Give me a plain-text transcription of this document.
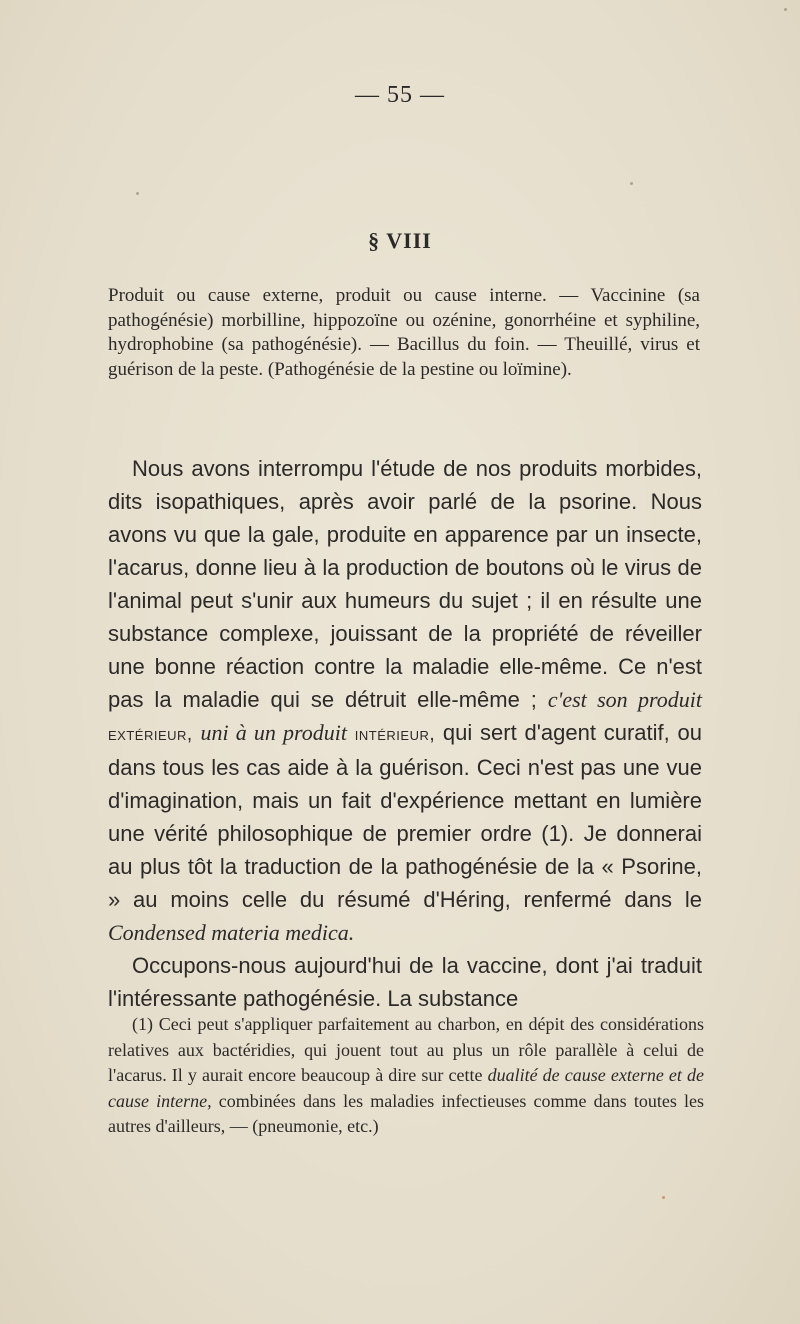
— 55 —
§ VIII
Produit ou cause externe, produit ou cause interne. — Vaccinine (sa pathogénésie) morbilline, hippozoïne ou ozénine, gonorrhéine et syphiline, hydrophobine (sa pathogénésie). — Bacillus du foin. — Theuillé, virus et guérison de la peste. (Pathogénésie de la pestine ou loïmine).

Nous avons interrompu l'étude de nos produits morbides, dits isopathiques, après avoir parlé de la psorine. Nous avons vu que la gale, produite en apparence par un insecte, l'acarus, donne lieu à la production de boutons où le virus de l'animal peut s'unir aux humeurs du sujet ; il en résulte une substance complexe, jouissant de la propriété de réveiller une bonne réaction contre la maladie elle-même. Ce n'est pas la maladie qui se détruit elle-même ; c'est son produit extérieur, uni à un produit intérieur, qui sert d'agent curatif, ou dans tous les cas aide à la guérison. Ceci n'est pas une vue d'imagination, mais un fait d'expérience mettant en lumière une vérité philosophique de premier ordre (1). Je donnerai au plus tôt la traduction de la pathogénésie de la « Psorine, » au moins celle du résumé d'Héring, renfermé dans le Condensed materia medica.

Occupons-nous aujourd'hui de la vaccine, dont j'ai traduit l'intéressante pathogénésie. La substance

(1) Ceci peut s'appliquer parfaitement au charbon, en dépit des considérations relatives aux bactéridies, qui jouent tout au plus un rôle parallèle à celui de l'acarus. Il y aurait encore beaucoup à dire sur cette dualité de cause externe et de cause interne, combinées dans les maladies infectieuses comme dans toutes les autres d'ailleurs, — (pneumonie, etc.)
